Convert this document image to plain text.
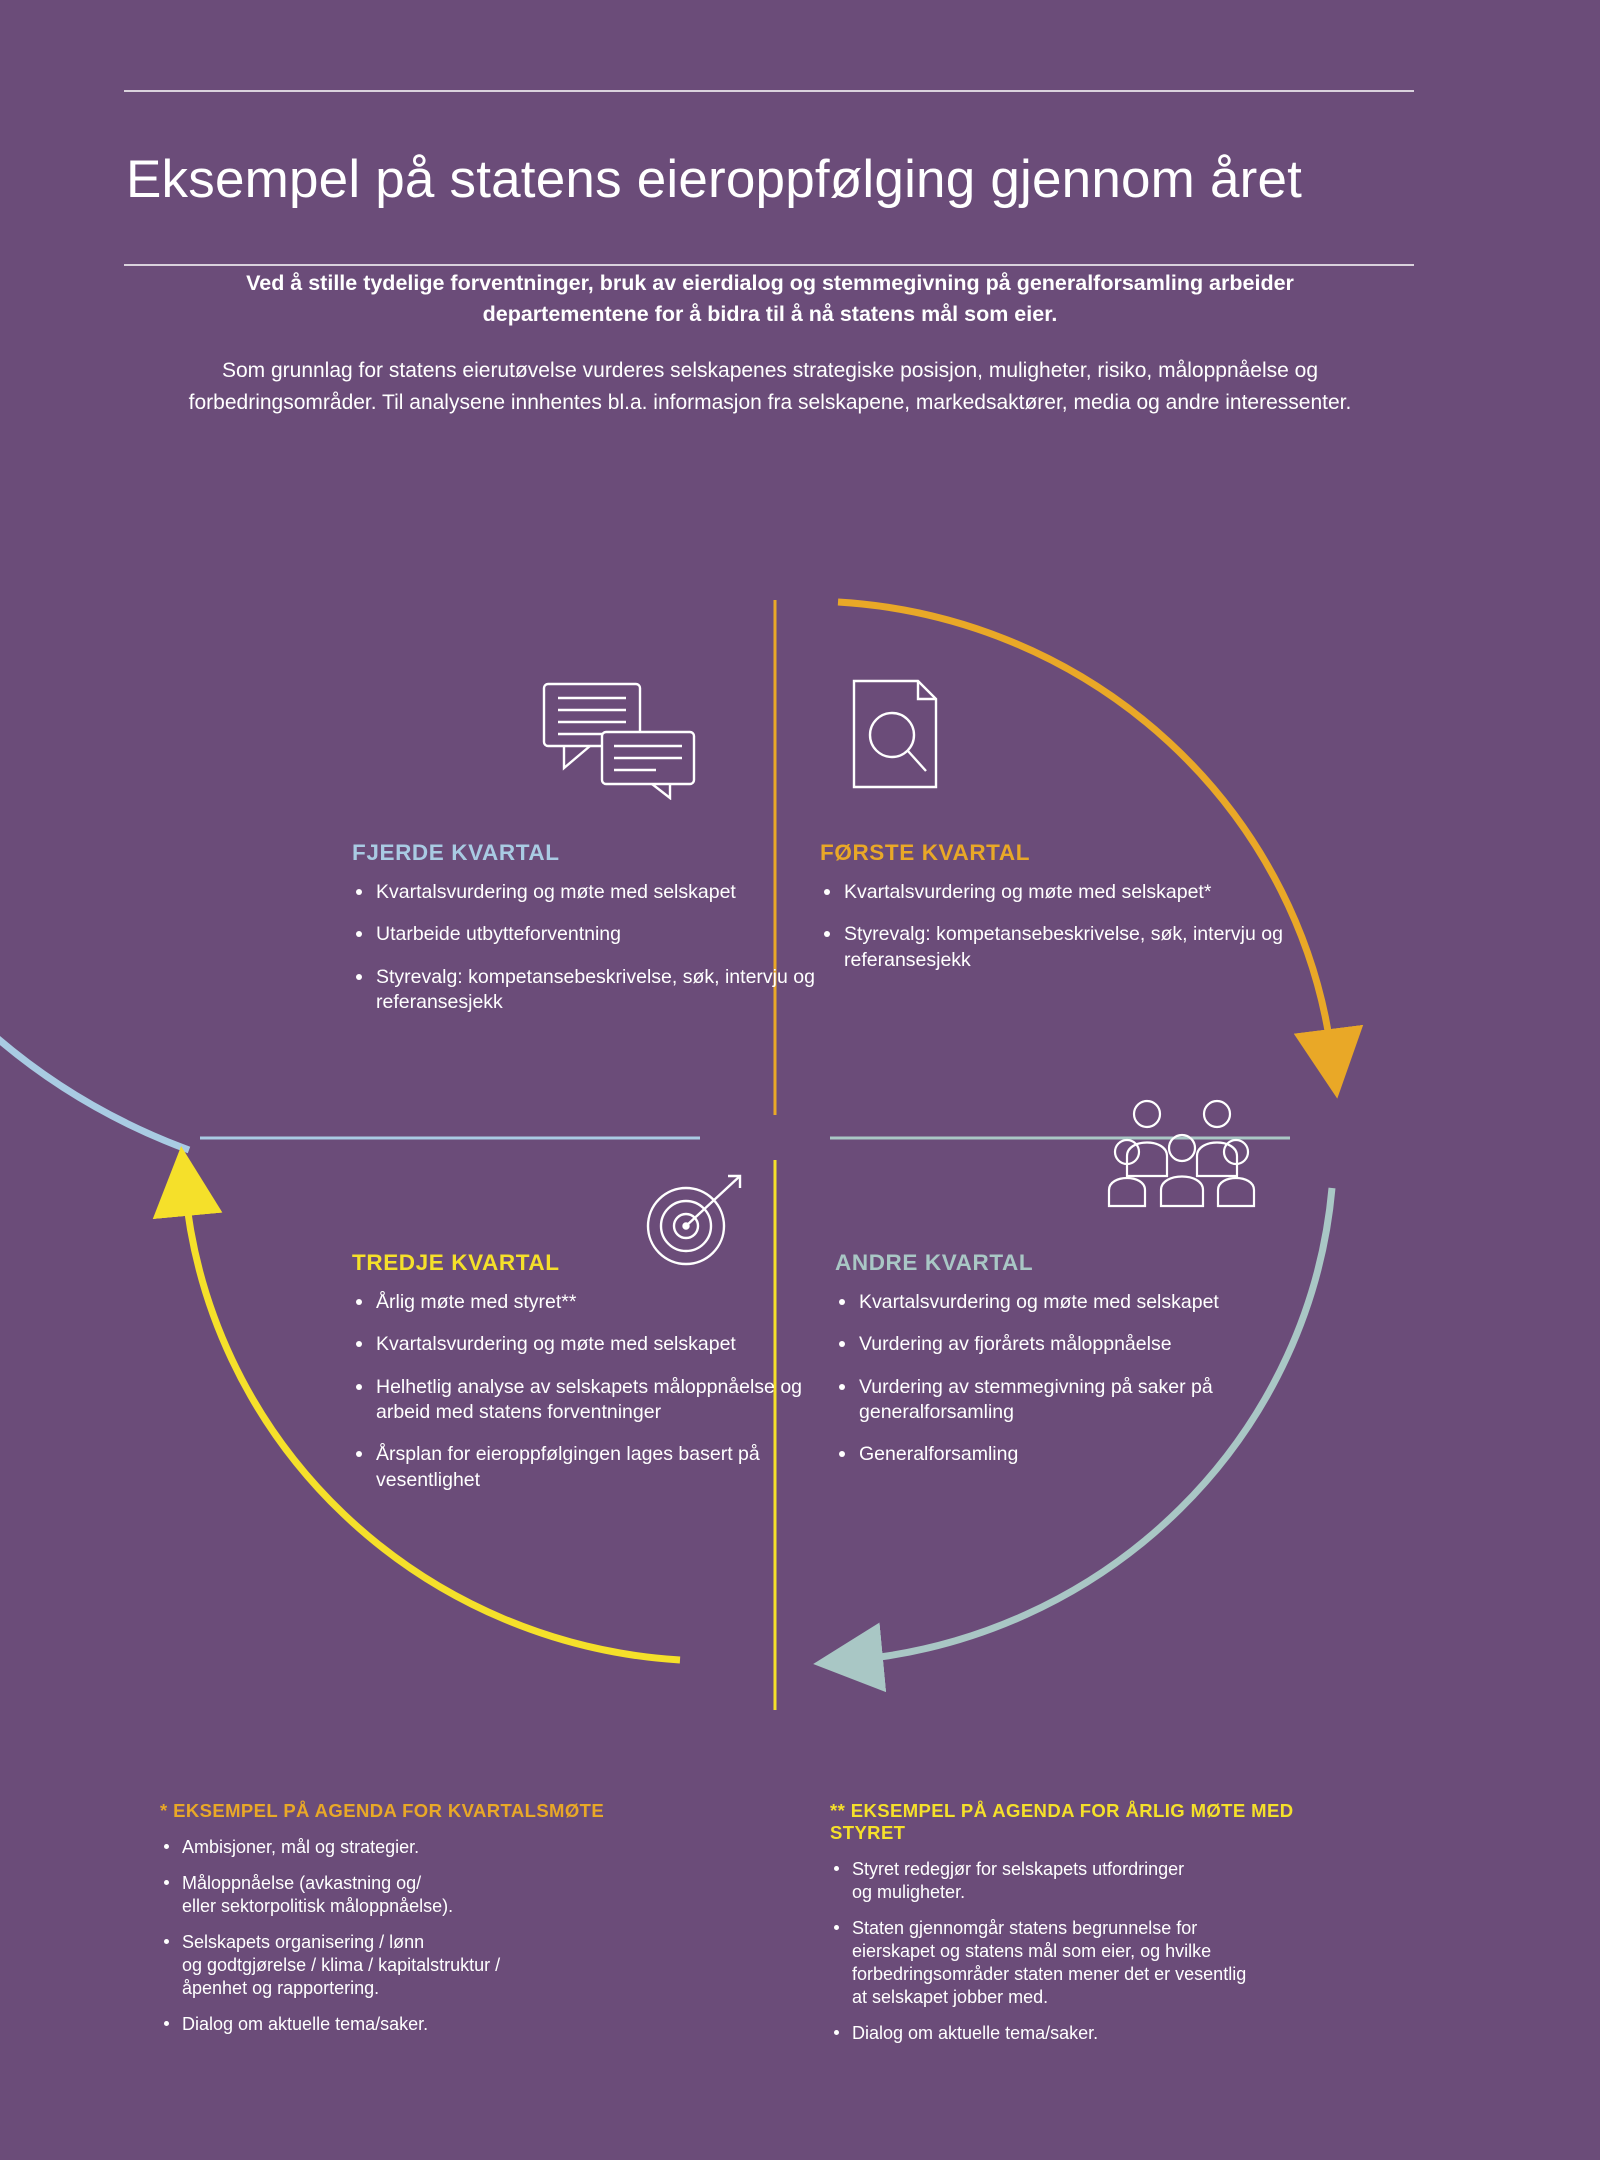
Eksempel på statens eieroppfølging gjennom året

Ved å stille tydelige forventninger, bruk av eierdialog og stemmegivning på generalforsamling arbeider departementene for å bidra til å nå statens mål som eier.

Som grunnlag for statens eierutøvelse vurderes selskapenes strategiske posisjon, muligheter, risiko, måloppnåelse og forbedringsområder. Til analysene innhentes bl.a. informasjon fra selskapene, markedsaktører, media og andre interessenter.

FJERDE KVARTAL
Kvartalsvurdering og møte med selskapet
Utarbeide utbytteforventning
Styrevalg: kompetansebeskrivelse, søk, intervju og referansesjekk
FØRSTE KVARTAL
Kvartalsvurdering og møte med selskapet*
Styrevalg: kompetansebeskrivelse, søk, intervju og referansesjekk
TREDJE KVARTAL
Årlig møte med styret**
Kvartalsvurdering og møte med selskapet
Helhetlig analyse av selskapets måloppnåelse og arbeid med statens forventninger
Årsplan for eieroppfølgingen lages basert på vesentlighet
ANDRE KVARTAL
Kvartalsvurdering og møte med selskapet
Vurdering av fjorårets måloppnåelse
Vurdering av stemmegivning på saker på generalforsamling
Generalforsamling
* EKSEMPEL PÅ AGENDA FOR KVARTALSMØTE
Ambisjoner, mål og strategier.
Måloppnåelse (avkastning og/
eller sektorpolitisk måloppnåelse).
Selskapets organisering / lønn
og godtgjørelse / klima / kapitalstruktur /
åpenhet og rapportering.
Dialog om aktuelle tema/saker.
** EKSEMPEL PÅ AGENDA FOR ÅRLIG MØTE MED STYRET
Styret redegjør for selskapets utfordringer
og muligheter.
Staten gjennomgår statens begrunnelse for
eierskapet og statens mål som eier, og hvilke
forbedringsområder staten mener det er vesentlig
at selskapet jobber med.
Dialog om aktuelle tema/saker.
